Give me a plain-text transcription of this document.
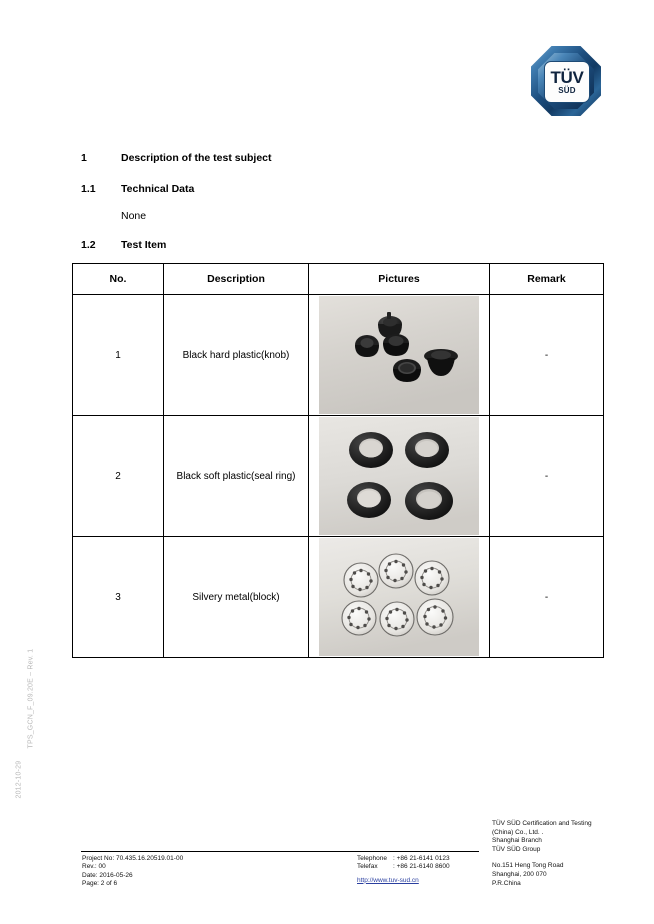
TÜV
SÜD
1	Description of the test subject
1.1 Technical Data
None
1.2 Test Item
No.	Description	Pictures	Remark
1	Black hard plastic(knob)		-
2	Black soft plastic(seal ring)		-
3	Silvery metal(block)		-
TPS_GCN_F_09.20E – Rev. 1
2012-10-29
Project No: 70.435.16.20519.01-00
Rev.: 00
Date: 2016-05-26
Page: 2 of 6
Telephone : +86 21-6141 0123
Telefax : +86 21-6140 8600
http://www.tuv-sud.cn
TÜV SÜD Certification and Testing
(China) Co., Ltd. .
Shanghai Branch
TÜV SÜD Group
No.151 Heng Tong Road
Shanghai, 200 070
P.R.China
